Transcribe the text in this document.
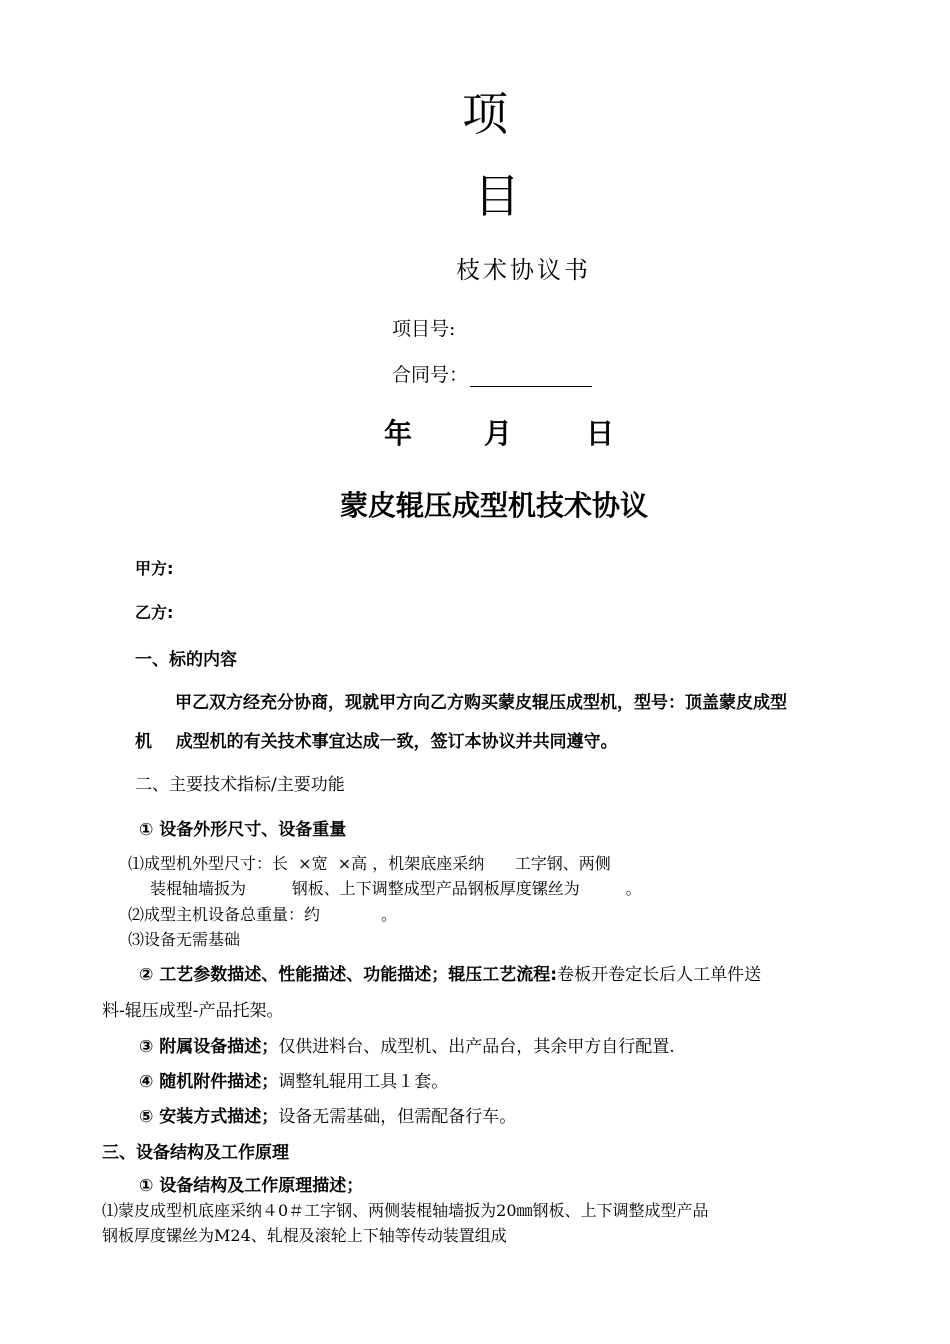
项
目
枝术协议书
项目号:
合同号：
年	月	日
蒙皮辊压成型机技术协议
甲方:
乙方:
一、标的内容
甲乙双方经充分协商，现就甲方向乙方购买蒙皮辊压成型机，型号：顶盖蒙皮成型
机    成型机的有关技术事宜达成一致，签订本协议并共同遵守。
二、主要技术指标/主要功能
① 设备外形尺寸、设备重量
⑴成型机外型尺寸：长  ×宽  ×高 ，机架底座采纳      工字钢、两侧
装棍轴墙扳为         钢板、上下调整成型产品钢板厚度镙丝为         。
⑵成型主机设备总重量：约            。
⑶设备无需基础
② 工艺参数描述、性能描述、功能描述；辊压工艺流程:卷板开卷定长后人工单件送
料-辊压成型-产品托架。
③ 附属设备描述；仅供进料台、成型机、出产品台，其余甲方自行配置.
④ 随机附件描述；调整轧辊用工具１套。
⑤ 安装方式描述；设备无需基础，但需配备行车。
三、设备结构及工作原理
① 设备结构及工作原理描述；
⑴蒙皮成型机底座采纳４0＃工字钢、两侧装棍轴墙扳为20㎜钢板、上下调整成型产品
钢板厚度镙丝为M24、轧棍及滚轮上下轴等传动装置组成
